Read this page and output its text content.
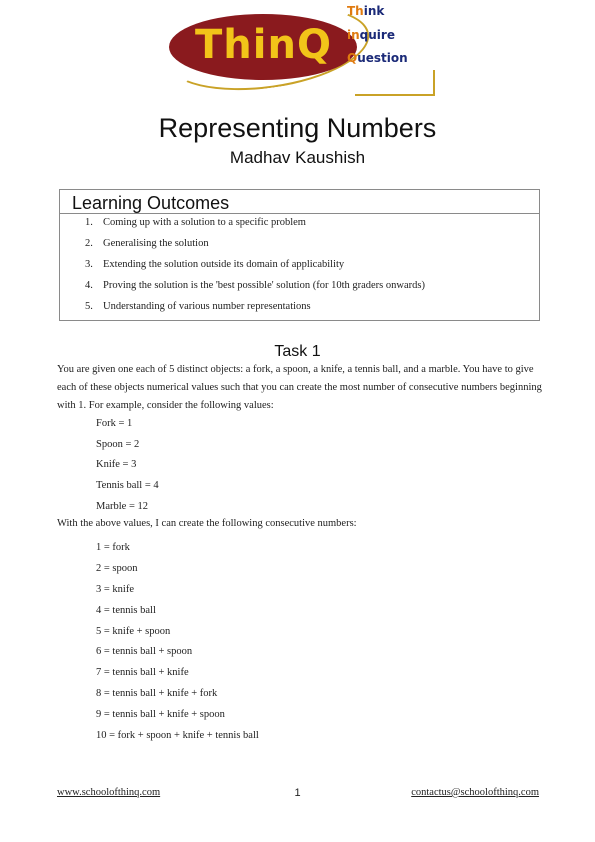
ThinQ
Think
inquire
Question
Representing Numbers
Madhav Kaushish
Learning Outcomes
1. Coming up with a solution to a specific problem
2. Generalising the solution
3. Extending the solution outside its domain of applicability
4. Proving the solution is the 'best possible' solution (for 10th graders onwards)
5. Understanding of various number representations
Task 1
You are given one each of 5 distinct objects: a fork, a spoon, a knife, a tennis ball, and a marble. You have to give each of these objects numerical values such that you can create the most number of consecutive numbers beginning with 1. For example, consider the following values:
Fork = 1
Spoon = 2
Knife = 3
Tennis ball = 4
Marble = 12
With the above values, I can create the following consecutive numbers:
1 = fork
2 = spoon
3 = knife
4 = tennis ball
5 = knife + spoon
6 = tennis ball + spoon
7 = tennis ball + knife
8 = tennis ball + knife + fork
9 = tennis ball + knife + spoon
10 = fork + spoon + knife + tennis ball
www.schoolofthinq.com	1	contactus@schoolofthinq.com
